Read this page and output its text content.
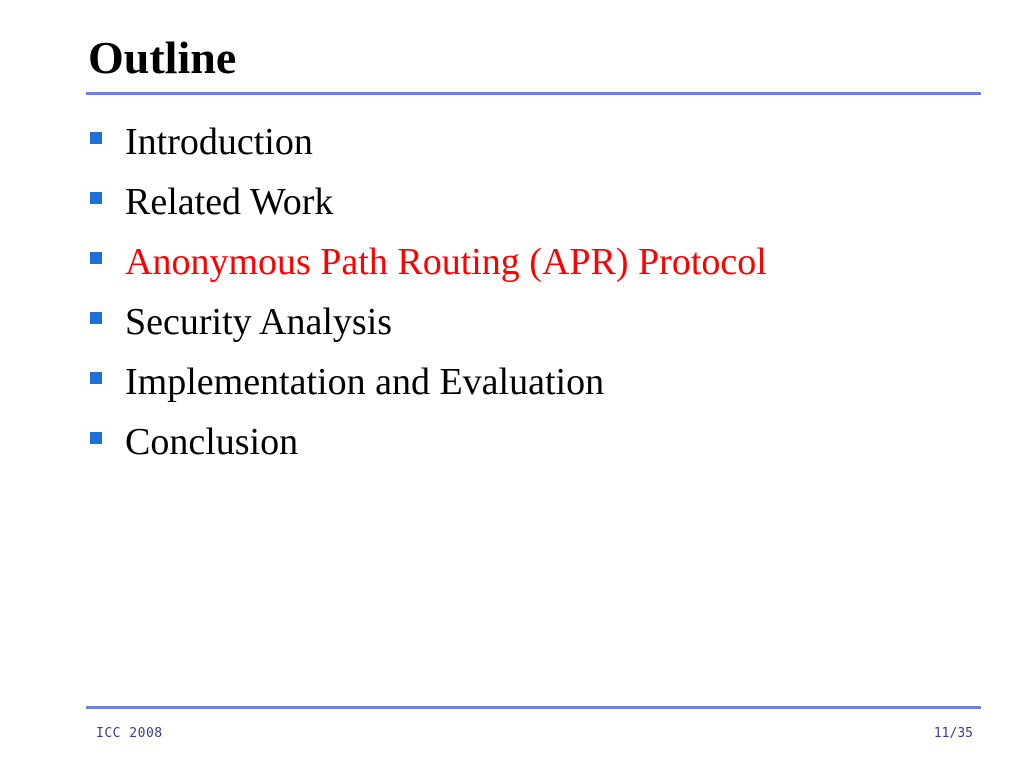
Outline
Introduction
Related Work
Anonymous Path Routing (APR) Protocol
Security Analysis
Implementation and Evaluation
Conclusion
ICC 2008	11/35
